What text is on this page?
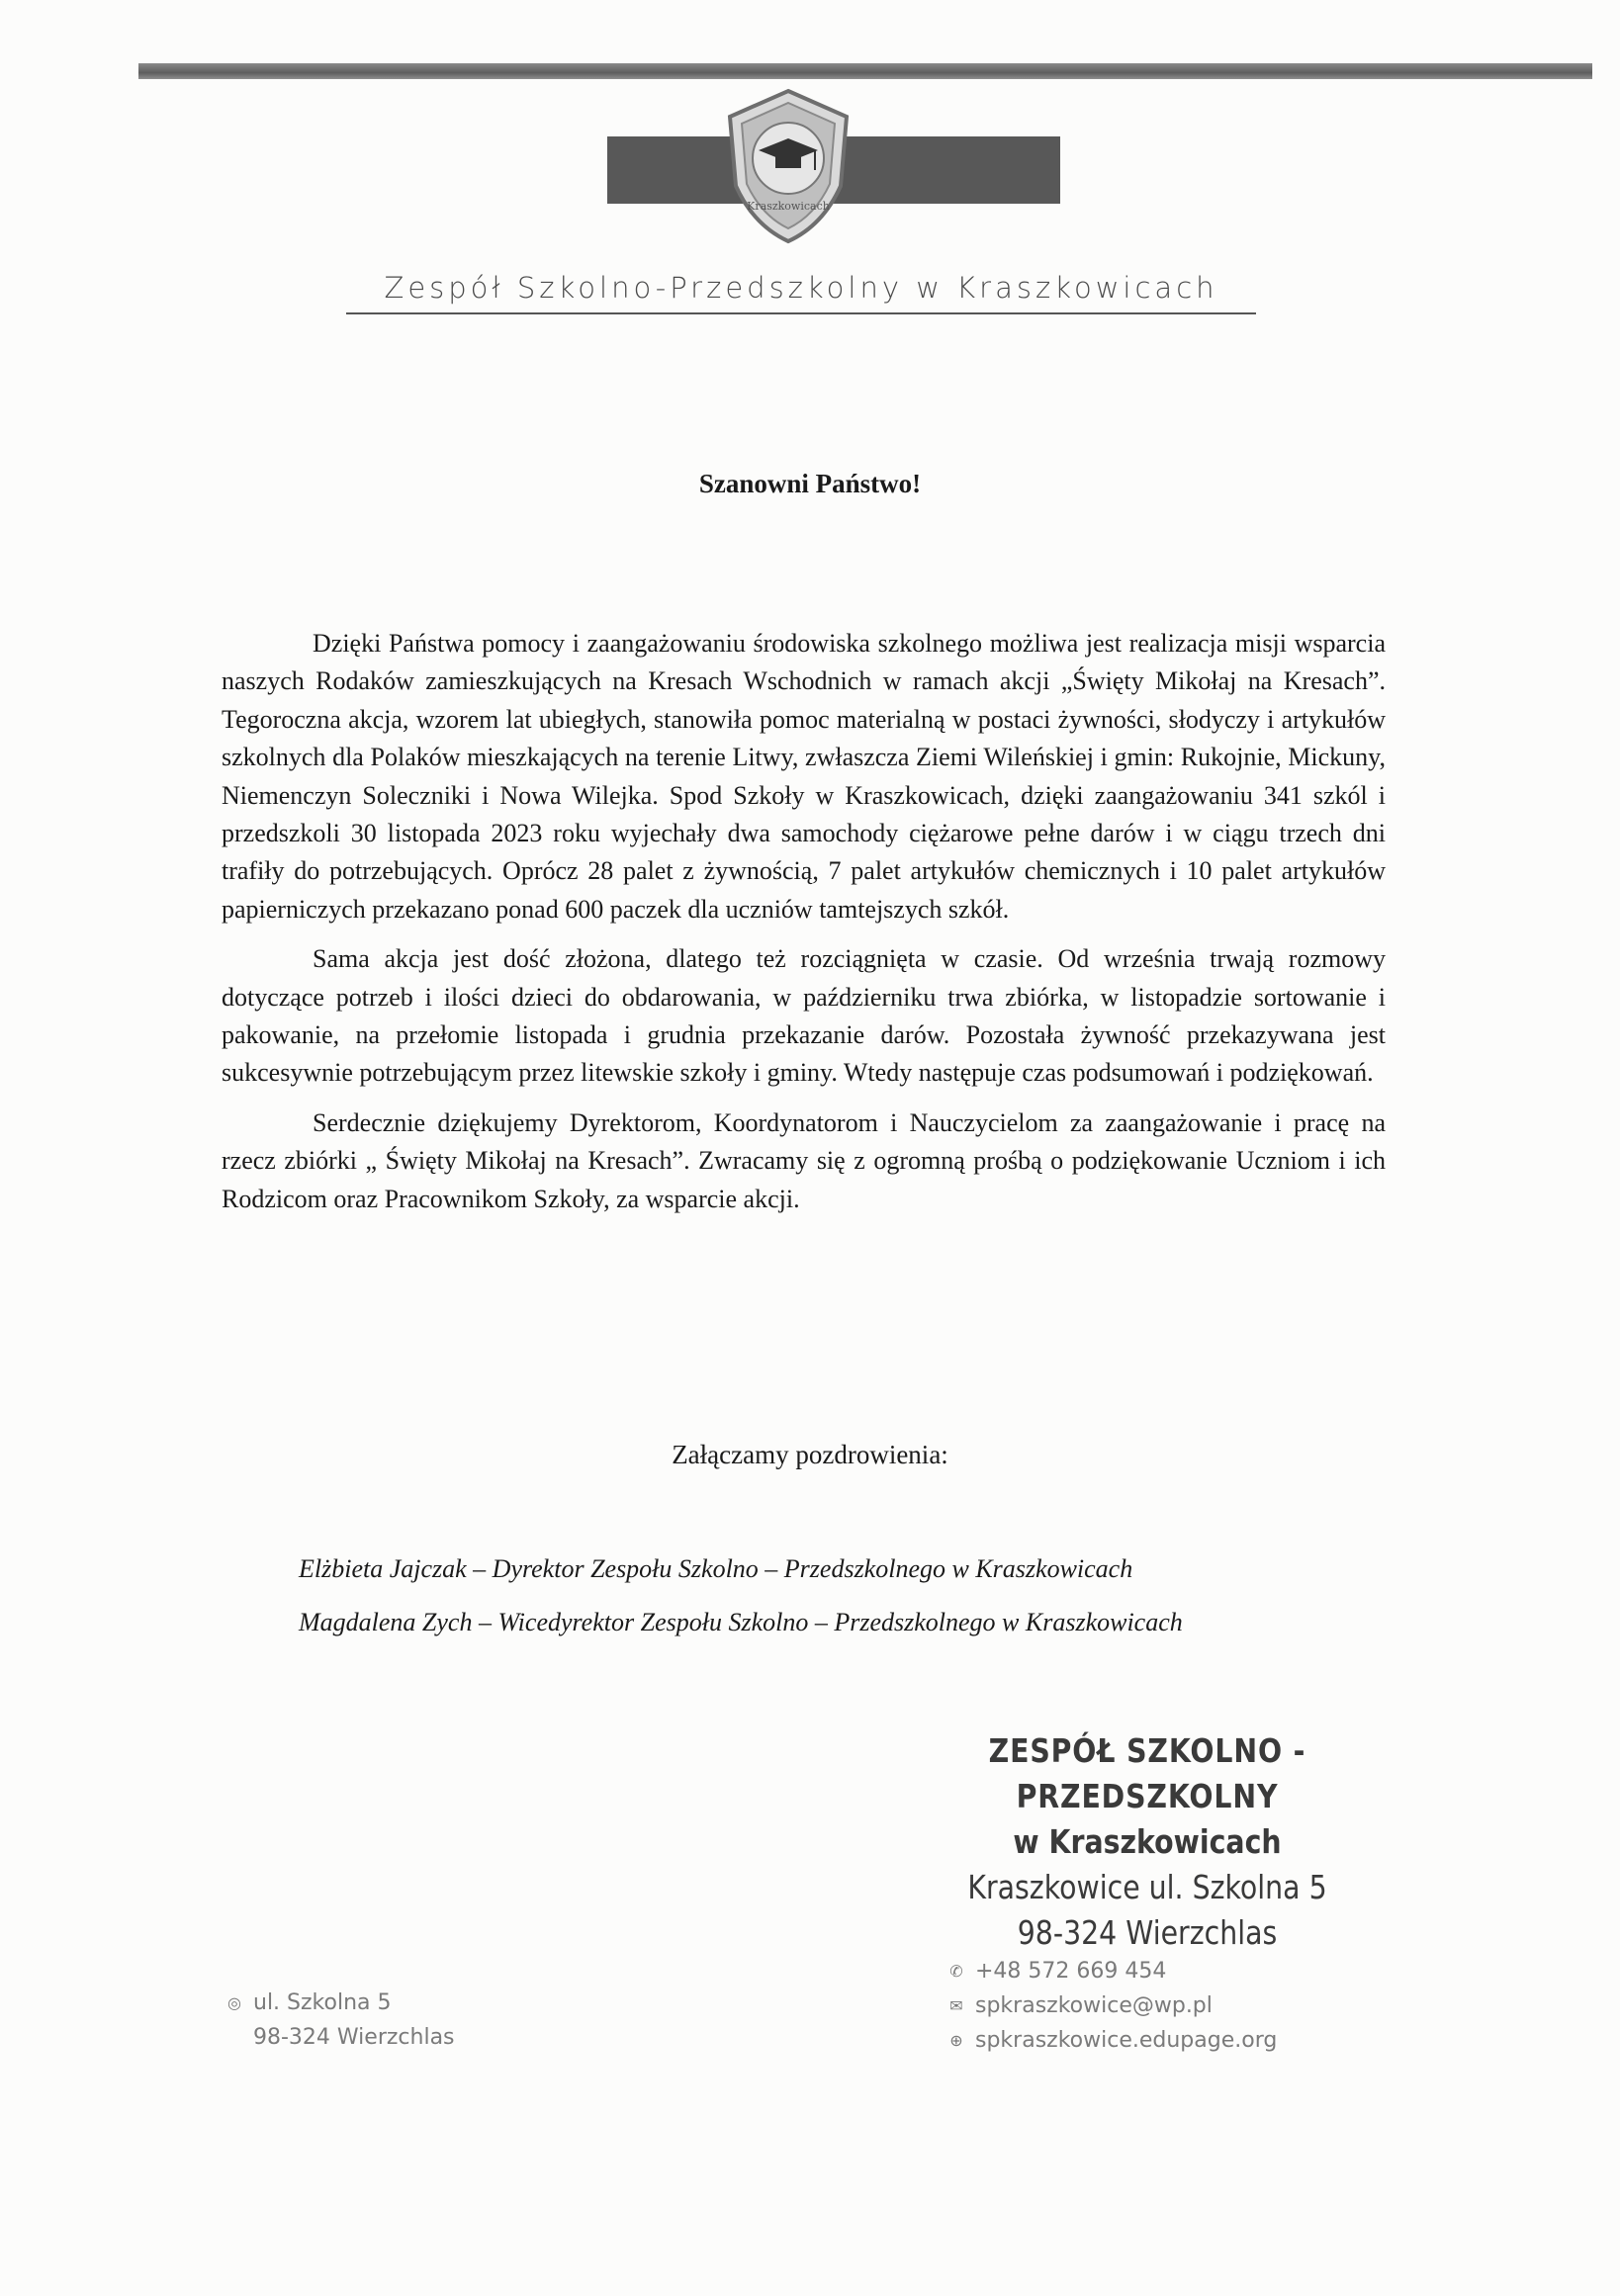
Kraszkowicach
Zespół Szkolno-Przedszkolny w Kraszkowicach
Szanowni Państwo!

Dzięki Państwa pomocy i zaangażowaniu środowiska szkolnego możliwa jest realizacja misji wsparcia naszych Rodaków zamieszkujących na Kresach Wschodnich w ramach akcji „Święty Mikołaj na Kresach”. Tegoroczna akcja, wzorem lat ubiegłych, stanowiła pomoc materialną w postaci żywności, słodyczy i artykułów szkolnych dla Polaków mieszkających na terenie Litwy, zwłaszcza Ziemi Wileńskiej i gmin: Rukojnie, Mickuny, Niemenczyn Soleczniki i Nowa Wilejka. Spod Szkoły w Kraszkowicach, dzięki zaangażowaniu 341 szkól i przedszkoli 30 listopada 2023 roku wyjechały dwa samochody ciężarowe pełne darów i w ciągu trzech dni trafiły do potrzebujących. Oprócz 28 palet z żywnością, 7 palet artykułów chemicznych i 10 palet artykułów papierniczych przekazano ponad 600 paczek dla uczniów tamtejszych szkół.

Sama akcja jest dość złożona, dlatego też rozciągnięta w czasie. Od września trwają rozmowy dotyczące potrzeb i ilości dzieci do obdarowania, w październiku trwa zbiórka, w listopadzie sortowanie i pakowanie, na przełomie listopada i grudnia przekazanie darów. Pozostała żywność przekazywana jest sukcesywnie potrzebującym przez litewskie szkoły i gminy. Wtedy następuje czas podsumowań i podziękowań.

Serdecznie dziękujemy Dyrektorom, Koordynatorom i Nauczycielom za zaangażowanie i pracę na rzecz zbiórki „ Święty Mikołaj na Kresach”. Zwracamy się z ogromną prośbą o podziękowanie Uczniom i ich Rodzicom oraz Pracownikom Szkoły, za wsparcie akcji.

Załączamy pozdrowienia:
Elżbieta Jajczak – Dyrektor Zespołu Szkolno – Przedszkolnego w Kraszkowicach
Magdalena Zych – Wicedyrektor Zespołu Szkolno – Przedszkolnego w Kraszkowicach
ZESPÓŁ SZKOLNO - PRZEDSZKOLNY
w Kraszkowicach
Kraszkowice ul. Szkolna 5
98-324 Wierzchlas
◎ ul. Szkolna 5
98-324 Wierzchlas
✆ +48 572 669 454
✉ spkraszkowice@wp.pl
⊕ spkraszkowice.edupage.org
